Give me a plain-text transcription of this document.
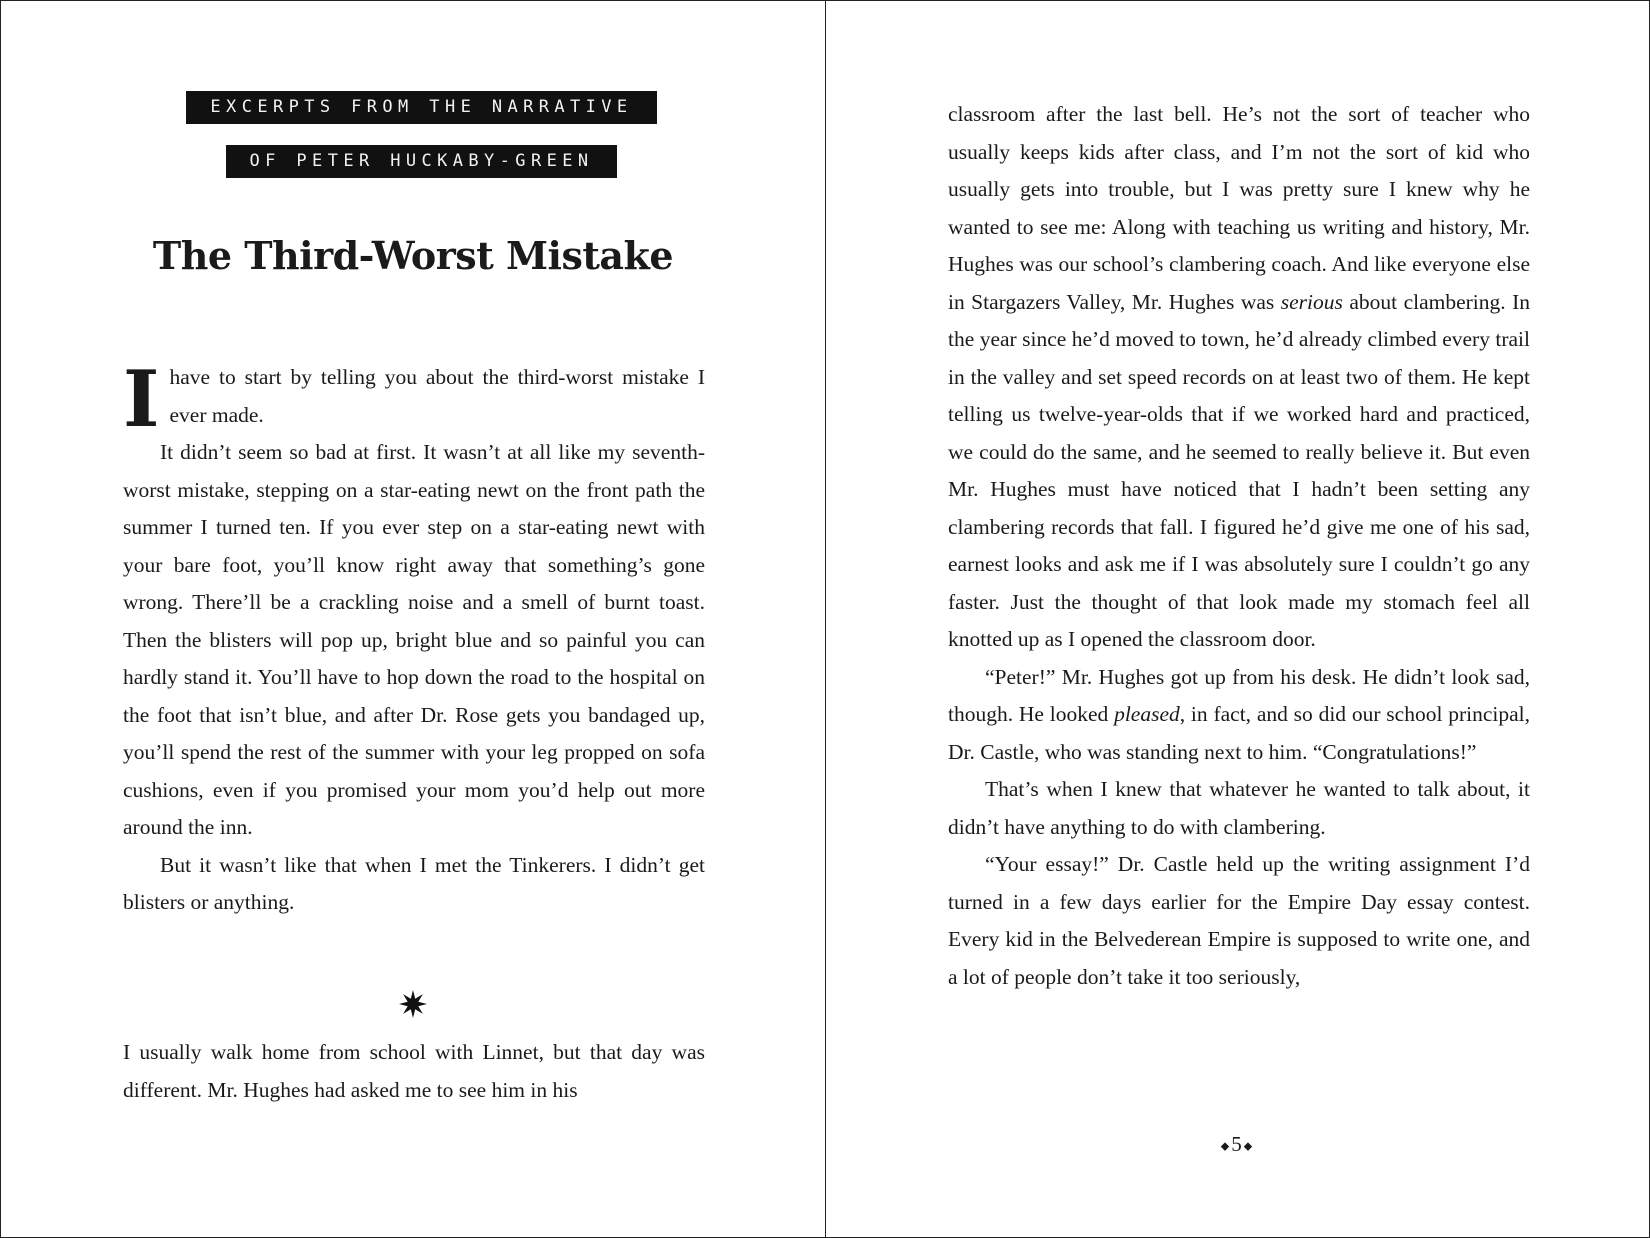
EXCERPTS FROM THE NARRATIVE
OF PETER HUCKABY-GREEN
The Third-Worst Mistake

Ihave to start by telling you about the third-worst mistake I ever made.

It didn’t seem so bad at first. It wasn’t at all like my seventh-worst mistake, stepping on a star-eating newt on the front path the summer I turned ten. If you ever step on a star-eating newt with your bare foot, you’ll know right away that something’s gone wrong. There’ll be a crackling noise and a smell of burnt toast. Then the blisters will pop up, bright blue and so painful you can hardly stand it. You’ll have to hop down the road to the hospital on the foot that isn’t blue, and after Dr. Rose gets you bandaged up, you’ll spend the rest of the summer with your leg propped on sofa cushions, even if you promised your mom you’d help out more around the inn.

But it wasn’t like that when I met the Tinkerers. I didn’t get blisters or anything.

I usually walk home from school with Linnet, but that day was different. Mr. Hughes had asked me to see him in his

classroom after the last bell. He’s not the sort of teacher who usually keeps kids after class, and I’m not the sort of kid who usually gets into trouble, but I was pretty sure I knew why he wanted to see me: Along with teaching us writing and history, Mr. Hughes was our school’s clambering coach. And like everyone else in Stargazers Valley, Mr. Hughes was serious about clambering. In the year since he’d moved to town, he’d already climbed every trail in the valley and set speed records on at least two of them. He kept telling us twelve-year-olds that if we worked hard and practiced, we could do the same, and he seemed to really believe it. But even Mr. Hughes must have noticed that I hadn’t been setting any clambering records that fall. I figured he’d give me one of his sad, earnest looks and ask me if I was absolutely sure I couldn’t go any faster. Just the thought of that look made my stomach feel all knotted up as I opened the classroom door.

“Peter!” Mr. Hughes got up from his desk. He didn’t look sad, though. He looked pleased, in fact, and so did our school principal, Dr. Castle, who was standing next to him. “Congratulations!”

That’s when I knew that whatever he wanted to talk about, it didn’t have anything to do with clambering.

“Your essay!” Dr. Castle held up the writing assignment I’d turned in a few days earlier for the Empire Day essay contest. Every kid in the Belvederean Empire is supposed to write one, and a lot of people don’t take it too seriously,

◆5◆
